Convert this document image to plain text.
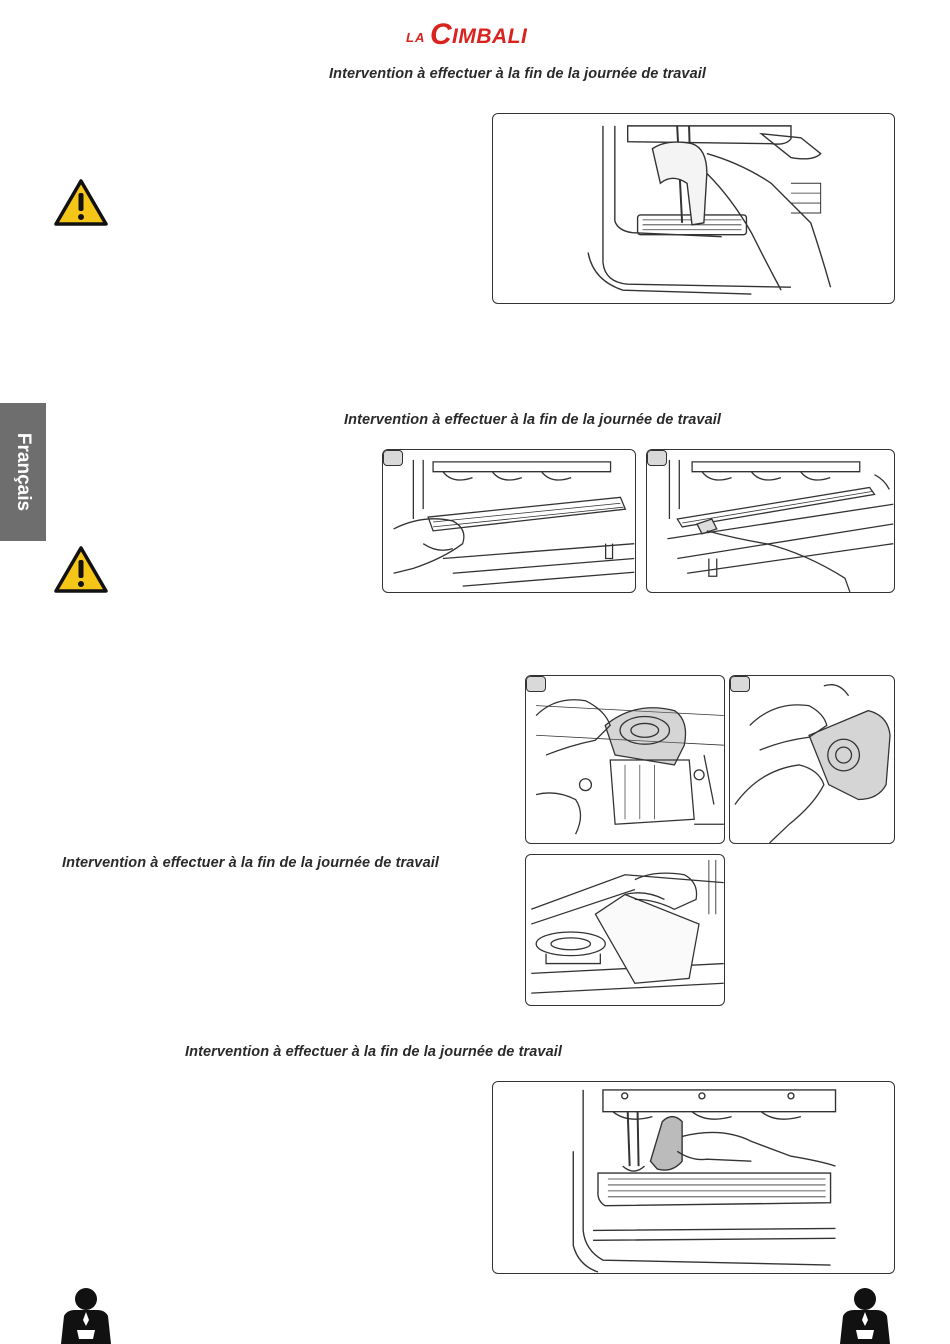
LA C IMBALI
Intervention à effectuer à la fin de la journée de travail
Intervention à effectuer à la fin de la journée de travail
Intervention à effectuer à la fin de la journée de travail
Intervention à effectuer à la fin de la journée de travail
Français
